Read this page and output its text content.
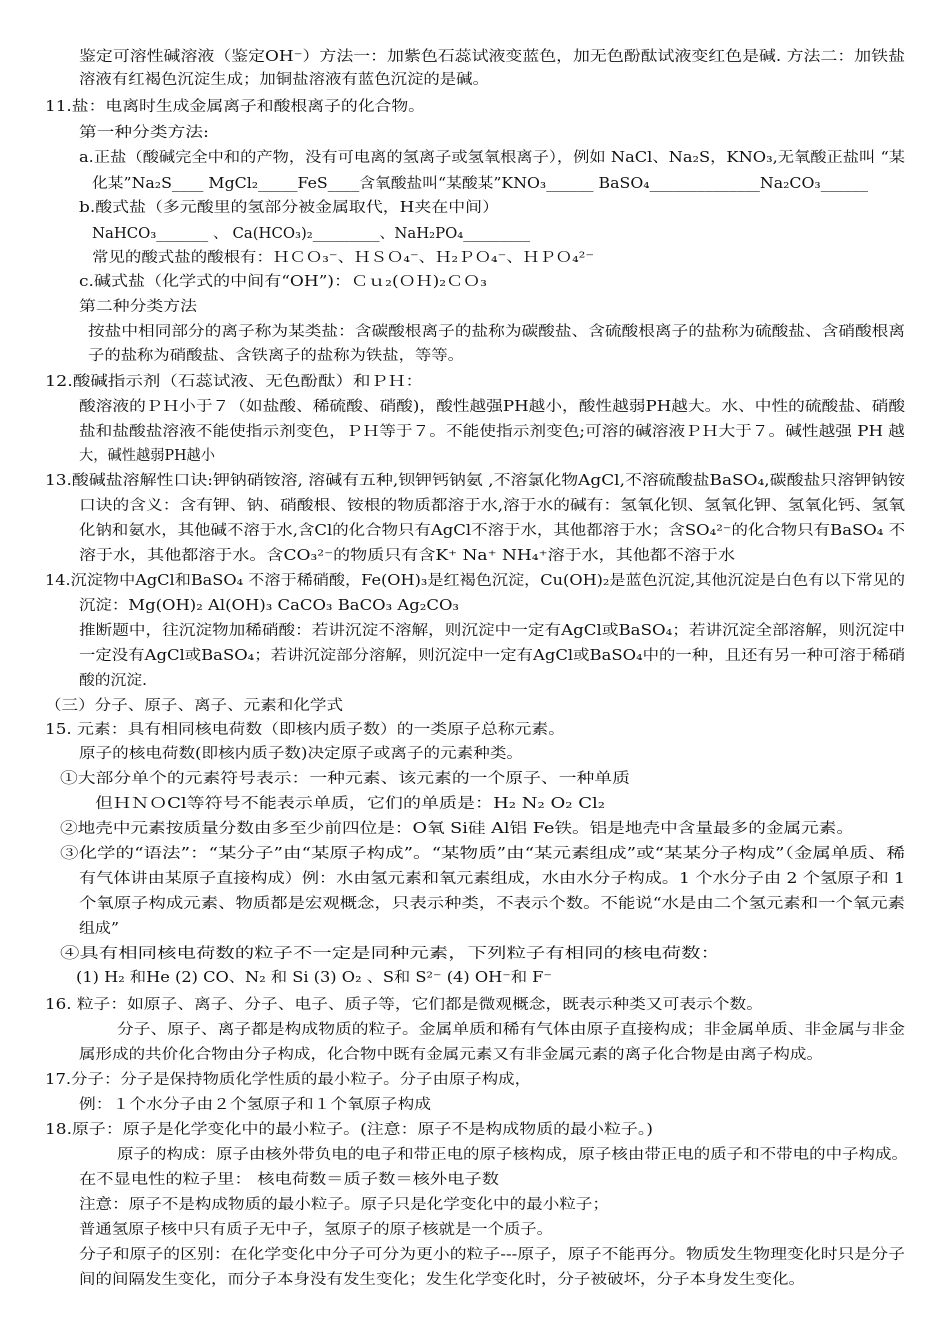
鉴定可溶性碱溶液（鉴定OH⁻）方法一：加紫色石蕊试液变蓝色，加无色酚酞试液变红色是碱. 方法二：加铁盐
溶液有红褐色沉淀生成；加铜盐溶液有蓝色沉淀的是碱。
11.盐：电离时生成金属离子和酸根离子的化合物。
第一种分类方法:
a.正盐（酸碱完全中和的产物，没有可电离的氢离子或氢氧根离子），例如 NaCl、Na₂S，KNO₃,无氧酸正盐叫 “某
化某”Na₂S____ MgCl₂_____FeS____含氧酸盐叫“某酸某”KNO₃______ BaSO₄______________Na₂CO₃______
b.酸式盐（多元酸里的氢部分被金属取代，H夹在中间）
NaHCO₃_______ 、 Ca(HCO₃)₂_________、NaH₂PO₄_________
常见的酸式盐的酸根有：ＨＣＯ₃⁻、ＨＳＯ₄⁻、Ｈ₂ＰＯ₄⁻、ＨＰＯ₄²⁻
c.碱式盐（化学式的中间有“OH”)：Ｃｕ₂(ＯＨ)₂ＣＯ₃
第二种分类方法
按盐中相同部分的离子称为某类盐：含碳酸根离子的盐称为碳酸盐、含硫酸根离子的盐称为硫酸盐、含硝酸根离
子的盐称为硝酸盐、含铁离子的盐称为铁盐，等等。
12.酸碱指示剂（石蕊试液、无色酚酞）和ＰＨ：
酸溶液的ＰＨ小于７（如盐酸、稀硫酸、硝酸)，酸性越强PH越小，酸性越弱PH越大。水、中性的硫酸盐、硝酸
盐和盐酸盐溶液不能使指示剂变色，ＰＨ等于７。不能使指示剂变色;可溶的碱溶液ＰＨ大于７。碱性越强 PH 越
大，碱性越弱PH越小
13.酸碱盐溶解性口诀:钾钠硝铵溶, 溶碱有五种,钡钾钙钠氨 ,不溶氯化物AgCl,不溶硫酸盐BaSO₄,碳酸盐只溶钾钠铵
口诀的含义：含有钾、钠、硝酸根、铵根的物质都溶于水,溶于水的碱有：氢氧化钡、氢氧化钾、氢氧化钙、氢氧
化钠和氨水，其他碱不溶于水,含Cl的化合物只有AgCl不溶于水，其他都溶于水；含SO₄²⁻的化合物只有BaSO₄ 不
溶于水，其他都溶于水。含CO₃²⁻的物质只有含K⁺ Na⁺ NH₄⁺溶于水，其他都不溶于水
14.沉淀物中AgCl和BaSO₄ 不溶于稀硝酸，Fe(OH)₃是红褐色沉淀，Cu(OH)₂是蓝色沉淀,其他沉淀是白色有以下常见的
沉淀：Mg(OH)₂ Al(OH)₃ CaCO₃ BaCO₃ Ag₂CO₃
推断题中，往沉淀物加稀硝酸：若讲沉淀不溶解，则沉淀中一定有AgCl或BaSO₄；若讲沉淀全部溶解，则沉淀中
一定没有AgCl或BaSO₄；若讲沉淀部分溶解，则沉淀中一定有AgCl或BaSO₄中的一种，且还有另一种可溶于稀硝
酸的沉淀.
（三）分子、原子、离子、元素和化学式
15. 元素：具有相同核电荷数（即核内质子数）的一类原子总称元素。
原子的核电荷数(即核内质子数)决定原子或离子的元素种类。
①大部分单个的元素符号表示：一种元素、该元素的一个原子、一种单质
但ＨＮＯCl等符号不能表示单质，它们的单质是：H₂ N₂ O₂ Cl₂
②地壳中元素按质量分数由多至少前四位是：O氧 Si硅 Al铝 Fe铁。铝是地壳中含量最多的金属元素。
③化学的“语法”：“某分子”由“某原子构成”。“某物质”由“某元素组成”或“某某分子构成”（金属单质、稀
有气体讲由某原子直接构成）例：水由氢元素和氧元素组成，水由水分子构成。1 个水分子由 2 个氢原子和 1
个氧原子构成元素、物质都是宏观概念，只表示种类，不表示个数。不能说“水是由二个氢元素和一个氧元素
组成”
④具有相同核电荷数的粒子不一定是同种元素，下列粒子有相同的核电荷数：
(1) H₂ 和He (2) CO、N₂ 和 Si (3) O₂ 、S和 S²⁻ (4) OH⁻和 F⁻
16. 粒子：如原子、离子、分子、电子、质子等，它们都是微观概念，既表示种类又可表示个数。
分子、原子、离子都是构成物质的粒子。金属单质和稀有气体由原子直接构成；非金属单质、非金属与非金
属形成的共价化合物由分子构成，化合物中既有金属元素又有非金属元素的离子化合物是由离子构成。
17.分子：分子是保持物质化学性质的最小粒子。分子由原子构成，
例：１个水分子由２个氢原子和１个氧原子构成
18.原子：原子是化学变化中的最小粒子。(注意：原子不是构成物质的最小粒子。)
原子的构成：原子由核外带负电的电子和带正电的原子核构成，原子核由带正电的质子和不带电的中子构成。
在不显电性的粒子里： 核电荷数＝质子数＝核外电子数
注意：原子不是构成物质的最小粒子。原子只是化学变化中的最小粒子；
普通氢原子核中只有质子无中子，氢原子的原子核就是一个质子。
分子和原子的区别：在化学变化中分子可分为更小的粒子---原子，原子不能再分。物质发生物理变化时只是分子
间的间隔发生变化，而分子本身没有发生变化；发生化学变化时，分子被破坏，分子本身发生变化。
